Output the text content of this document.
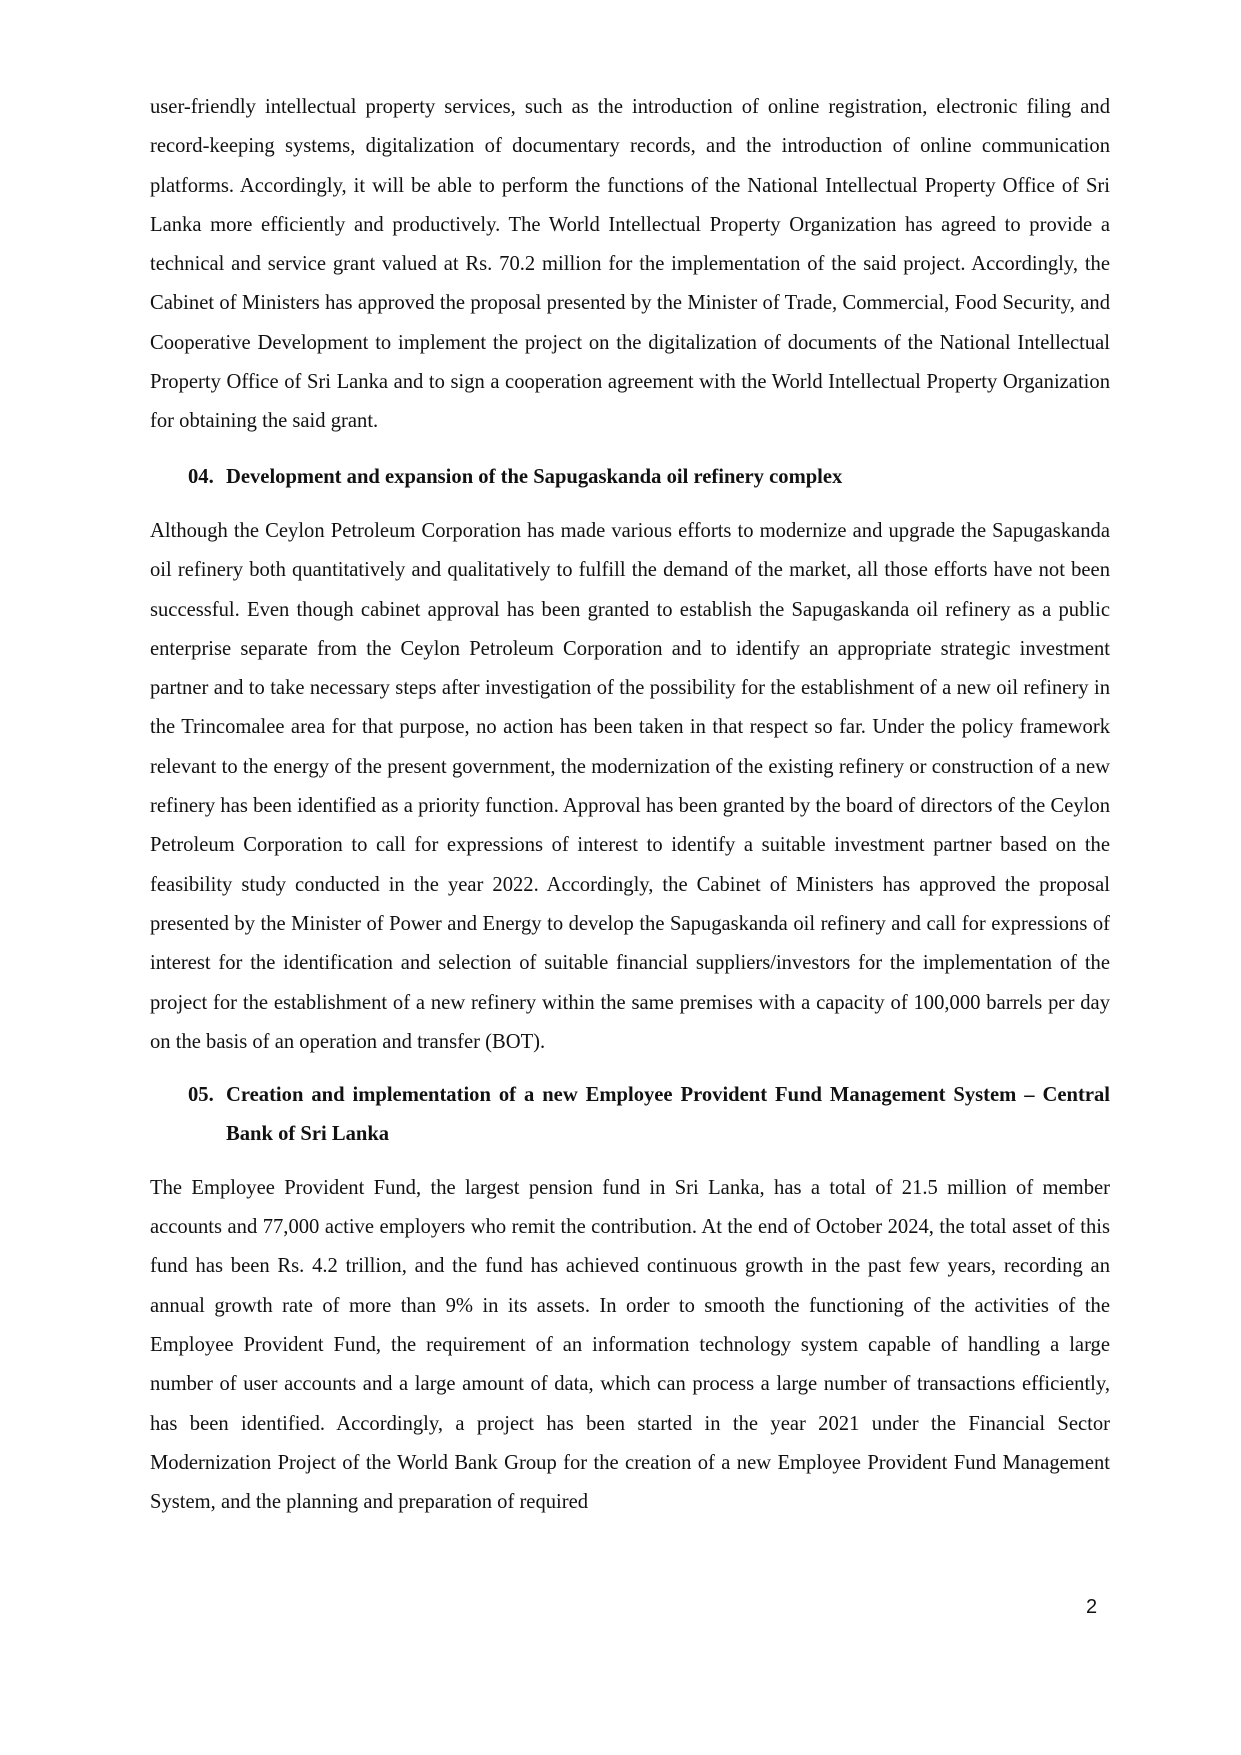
user-friendly intellectual property services, such as the introduction of online registration, electronic filing and record-keeping systems, digitalization of documentary records, and the introduction of online communication platforms. Accordingly, it will be able to perform the functions of the National Intellectual Property Office of Sri Lanka more efficiently and productively. The World Intellectual Property Organization has agreed to provide a technical and service grant valued at Rs. 70.2 million for the implementation of the said project. Accordingly, the Cabinet of Ministers has approved the proposal presented by the Minister of Trade, Commercial, Food Security, and Cooperative Development to implement the project on the digitalization of documents of the National Intellectual Property Office of Sri Lanka and to sign a cooperation agreement with the World Intellectual Property Organization for obtaining the said grant.

04. Development and expansion of the Sapugaskanda oil refinery complex

Although the Ceylon Petroleum Corporation has made various efforts to modernize and upgrade the Sapugaskanda oil refinery both quantitatively and qualitatively to fulfill the demand of the market, all those efforts have not been successful. Even though cabinet approval has been granted to establish the Sapugaskanda oil refinery as a public enterprise separate from the Ceylon Petroleum Corporation and to identify an appropriate strategic investment partner and to take necessary steps after investigation of the possibility for the establishment of a new oil refinery in the Trincomalee area for that purpose, no action has been taken in that respect so far. Under the policy framework relevant to the energy of the present government, the modernization of the existing refinery or construction of a new refinery has been identified as a priority function. Approval has been granted by the board of directors of the Ceylon Petroleum Corporation to call for expressions of interest to identify a suitable investment partner based on the feasibility study conducted in the year 2022. Accordingly, the Cabinet of Ministers has approved the proposal presented by the Minister of Power and Energy to develop the Sapugaskanda oil refinery and call for expressions of interest for the identification and selection of suitable financial suppliers/investors for the implementation of the project for the establishment of a new refinery within the same premises with a capacity of 100,000 barrels per day on the basis of an operation and transfer (BOT).

05. Creation and implementation of a new Employee Provident Fund Management System – Central Bank of Sri Lanka

The Employee Provident Fund, the largest pension fund in Sri Lanka, has a total of 21.5 million of member accounts and 77,000 active employers who remit the contribution. At the end of October 2024, the total asset of this fund has been Rs. 4.2 trillion, and the fund has achieved continuous growth in the past few years, recording an annual growth rate of more than 9% in its assets. In order to smooth the functioning of the activities of the Employee Provident Fund, the requirement of an information technology system capable of handling a large number of user accounts and a large amount of data, which can process a large number of transactions efficiently, has been identified. Accordingly, a project has been started in the year 2021 under the Financial Sector Modernization Project of the World Bank Group for the creation of a new Employee Provident Fund Management System, and the planning and preparation of required

2
